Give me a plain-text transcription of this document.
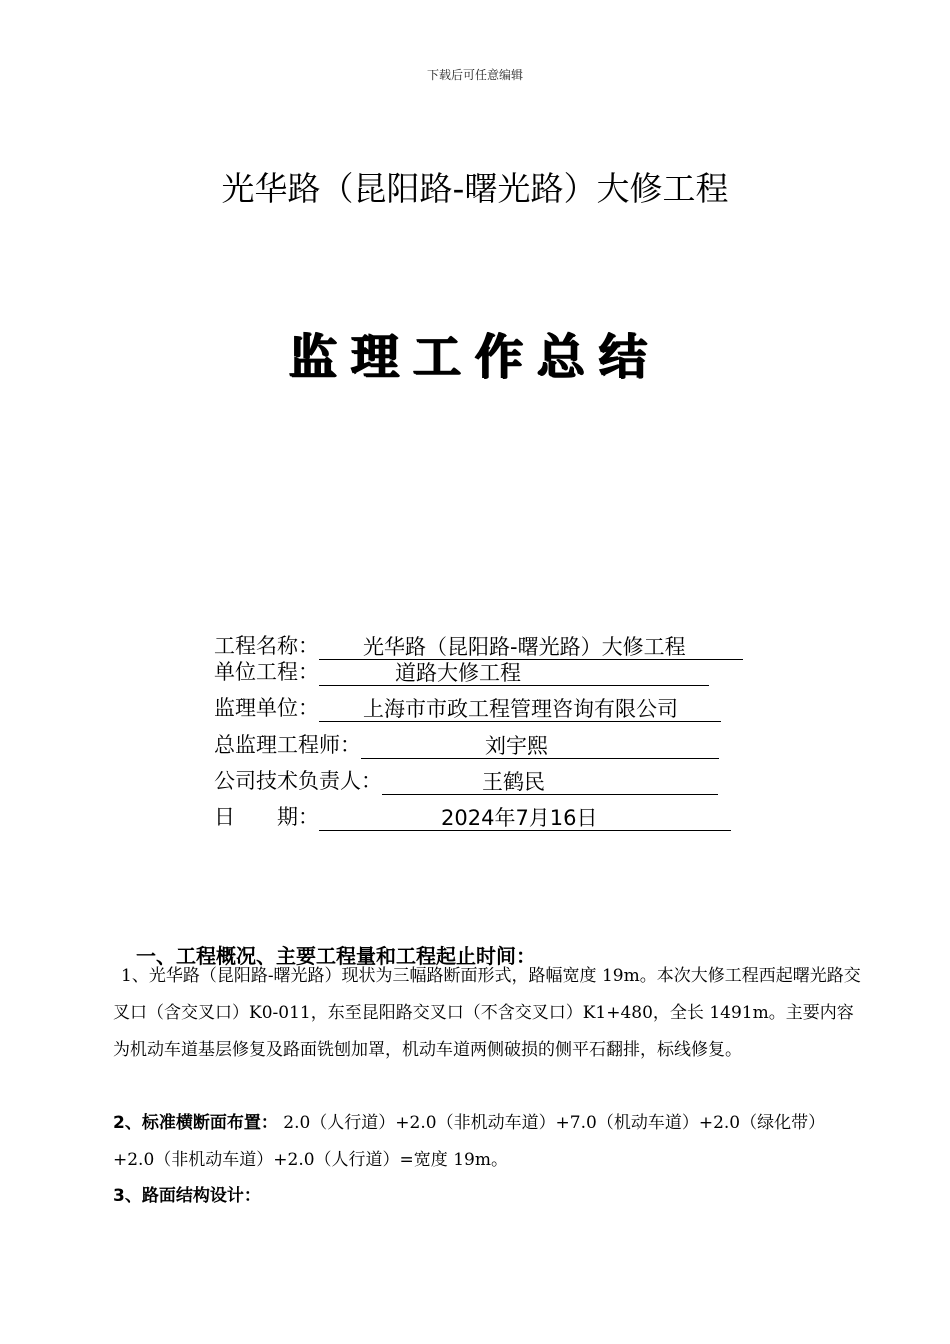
下载后可任意编辑
光华路（昆阳路-曙光路）大修工程
监理工作总结
工程名称：	光华路（昆阳路-曙光路）大修工程
单位工程：	道路大修工程
监理单位：	上海市市政工程管理咨询有限公司
总监理工程师：	刘宇熙
公司技术负责人：	王鹤民
日　　期：	2024年7月16日
一、工程概况、主要工程量和工程起止时间：
1、光华路（昆阳路-曙光路）现状为三幅路断面形式，路幅宽度 19m。本次大修工程西起曙光路交叉口（含交叉口）K0-011，东至昆阳路交叉口（不含交叉口）K1+480，全长 1491m。主要内容为机动车道基层修复及路面铣刨加罩，机动车道两侧破损的侧平石翻排，标线修复。
2、标准横断面布置： 2.0（人行道）+2.0（非机动车道）+7.0（机动车道）+2.0（绿化带）+2.0（非机动车道）+2.0（人行道）=宽度 19m。
3、路面结构设计：
